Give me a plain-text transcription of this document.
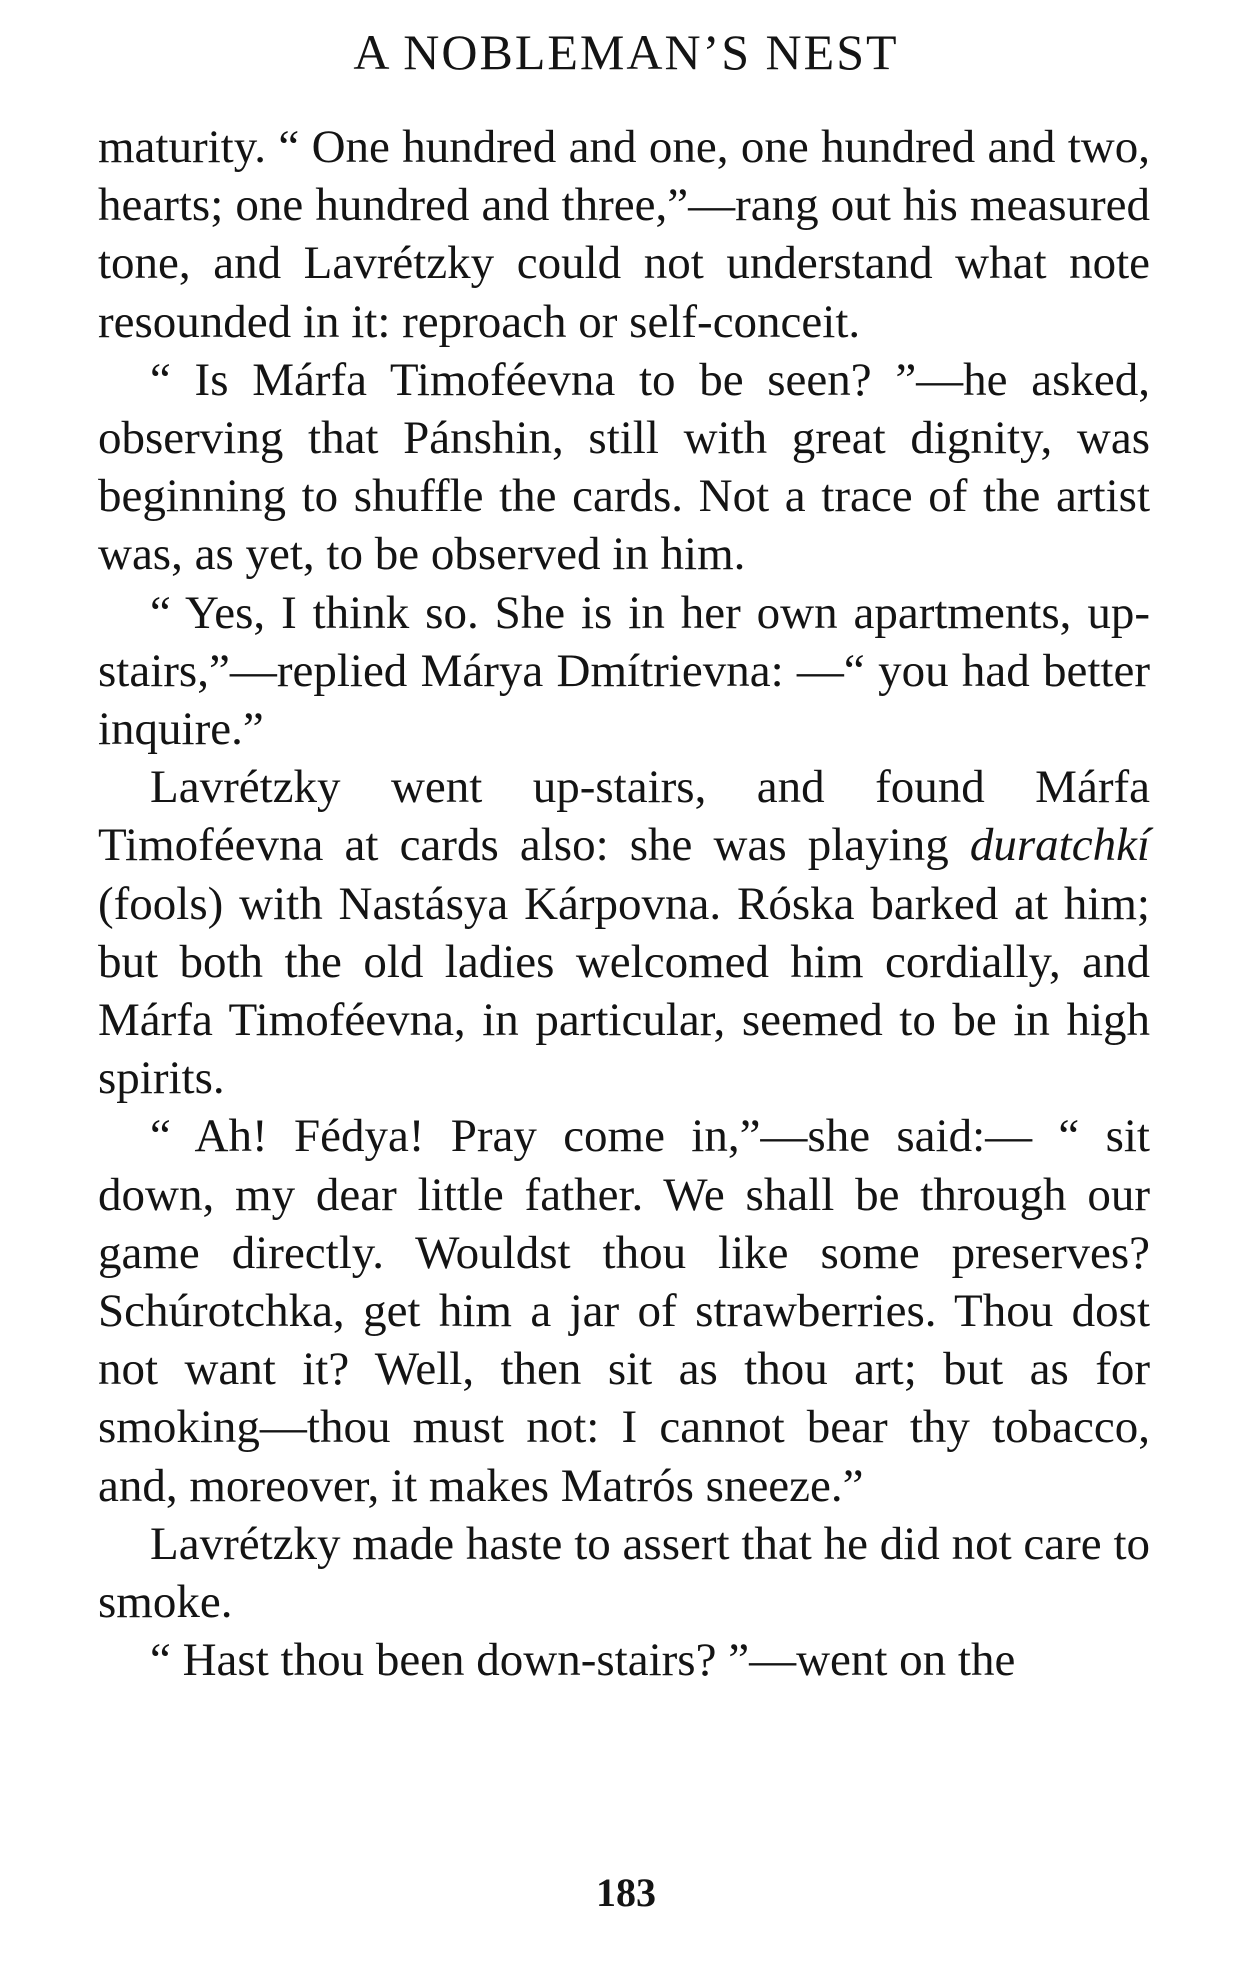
A NOBLEMAN’S NEST

maturity. “ One hundred and one, one hundred and two, hearts; one hundred and three,”—rang out his measured tone, and Lavrétzky could not understand what note resounded in it: reproach or self-conceit.

“ Is Márfa Timoféevna to be seen? ”—he asked, observing that Pánshin, still with great dignity, was beginning to shuffle the cards. Not a trace of the artist was, as yet, to be observed in him.

“ Yes, I think so. She is in her own apartments, up-stairs,”—replied Márya Dmítrievna: —“ you had better inquire.”

Lavrétzky went up-stairs, and found Márfa Timoféevna at cards also: she was playing duratchkí (fools) with Nastásya Kárpovna. Róska barked at him; but both the old ladies welcomed him cordially, and Márfa Timoféevna, in particular, seemed to be in high spirits.

“ Ah! Fédya! Pray come in,”—she said:— “ sit down, my dear little father. We shall be through our game directly. Wouldst thou like some preserves? Schúrotchka, get him a jar of strawberries. Thou dost not want it? Well, then sit as thou art; but as for smoking—thou must not: I cannot bear thy tobacco, and, moreover, it makes Matrós sneeze.”

Lavrétzky made haste to assert that he did not care to smoke.

“ Hast thou been down-stairs? ”—went on the

183
